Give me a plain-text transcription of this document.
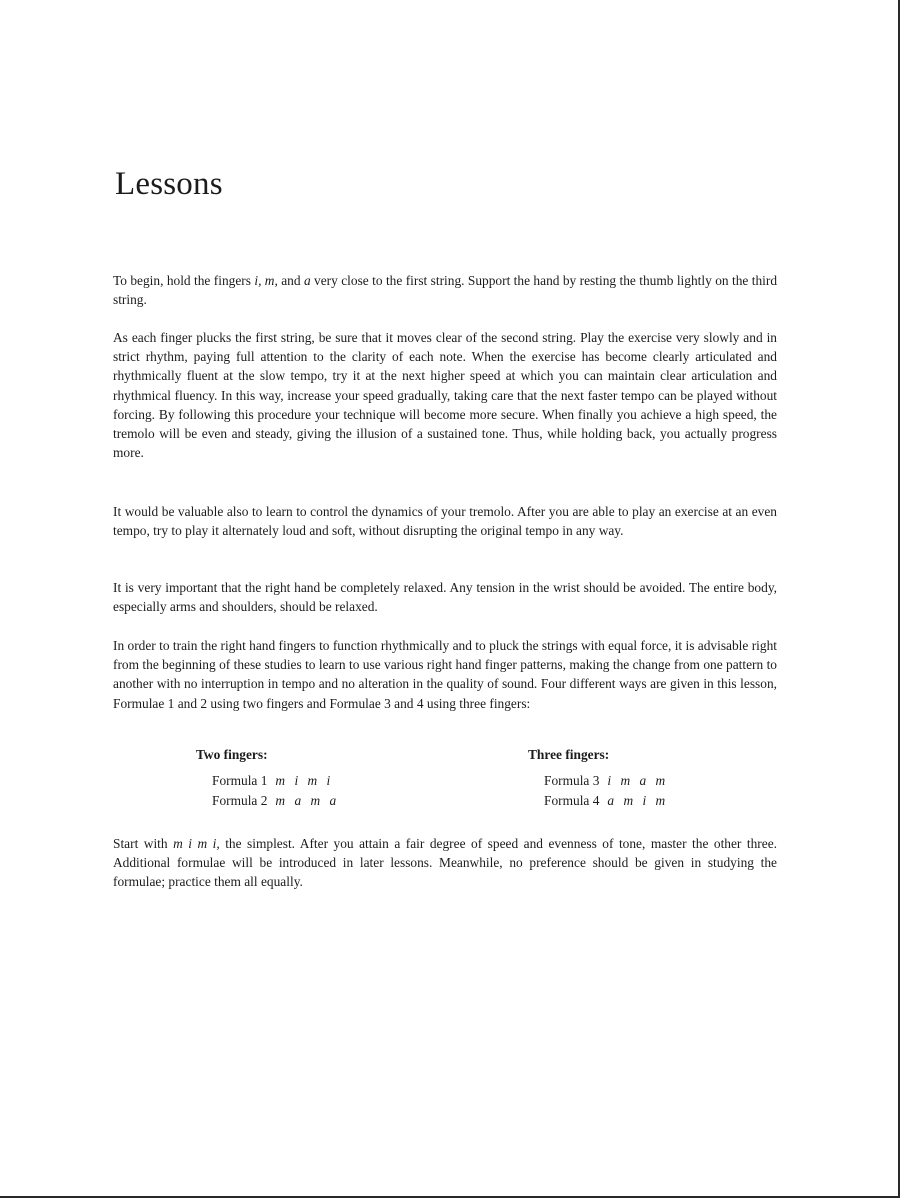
Lessons

To begin, hold the fingers i, m, and a very close to the first string. Support the hand by resting the thumb lightly on the third string.

As each finger plucks the first string, be sure that it moves clear of the second string. Play the exercise very slowly and in strict rhythm, paying full attention to the clarity of each note. When the exercise has become clearly articulated and rhythmically fluent at the slow tempo, try it at the next higher speed at which you can maintain clear articulation and rhythmical fluency. In this way, increase your speed gradually, taking care that the next faster tempo can be played without forcing. By following this procedure your technique will become more secure. When finally you achieve a high speed, the tremolo will be even and steady, giving the illusion of a sustained tone. Thus, while holding back, you actually progress more.

It would be valuable also to learn to control the dynamics of your tremolo. After you are able to play an exercise at an even tempo, try to play it alternately loud and soft, without disrupting the original tempo in any way.

It is very important that the right hand be completely relaxed. Any tension in the wrist should be avoided. The entire body, especially arms and shoulders, should be relaxed.

In order to train the right hand fingers to function rhythmically and to pluck the strings with equal force, it is advisable right from the beginning of these studies to learn to use various right hand finger patterns, making the change from one pattern to another with no interruption in tempo and no alteration in the quality of sound. Four different ways are given in this lesson, Formulae 1 and 2 using two fingers and Formulae 3 and 4 using three fingers:

Two fingers:
Formula 1 m i m i
Formula 2 m a m a
Three fingers:
Formula 3 i m a m
Formula 4 a m i m

Start with m i m i, the simplest. After you attain a fair degree of speed and evenness of tone, master the other three. Additional formulae will be introduced in later lessons. Meanwhile, no preference should be given in studying the formulae; practice them all equally.
